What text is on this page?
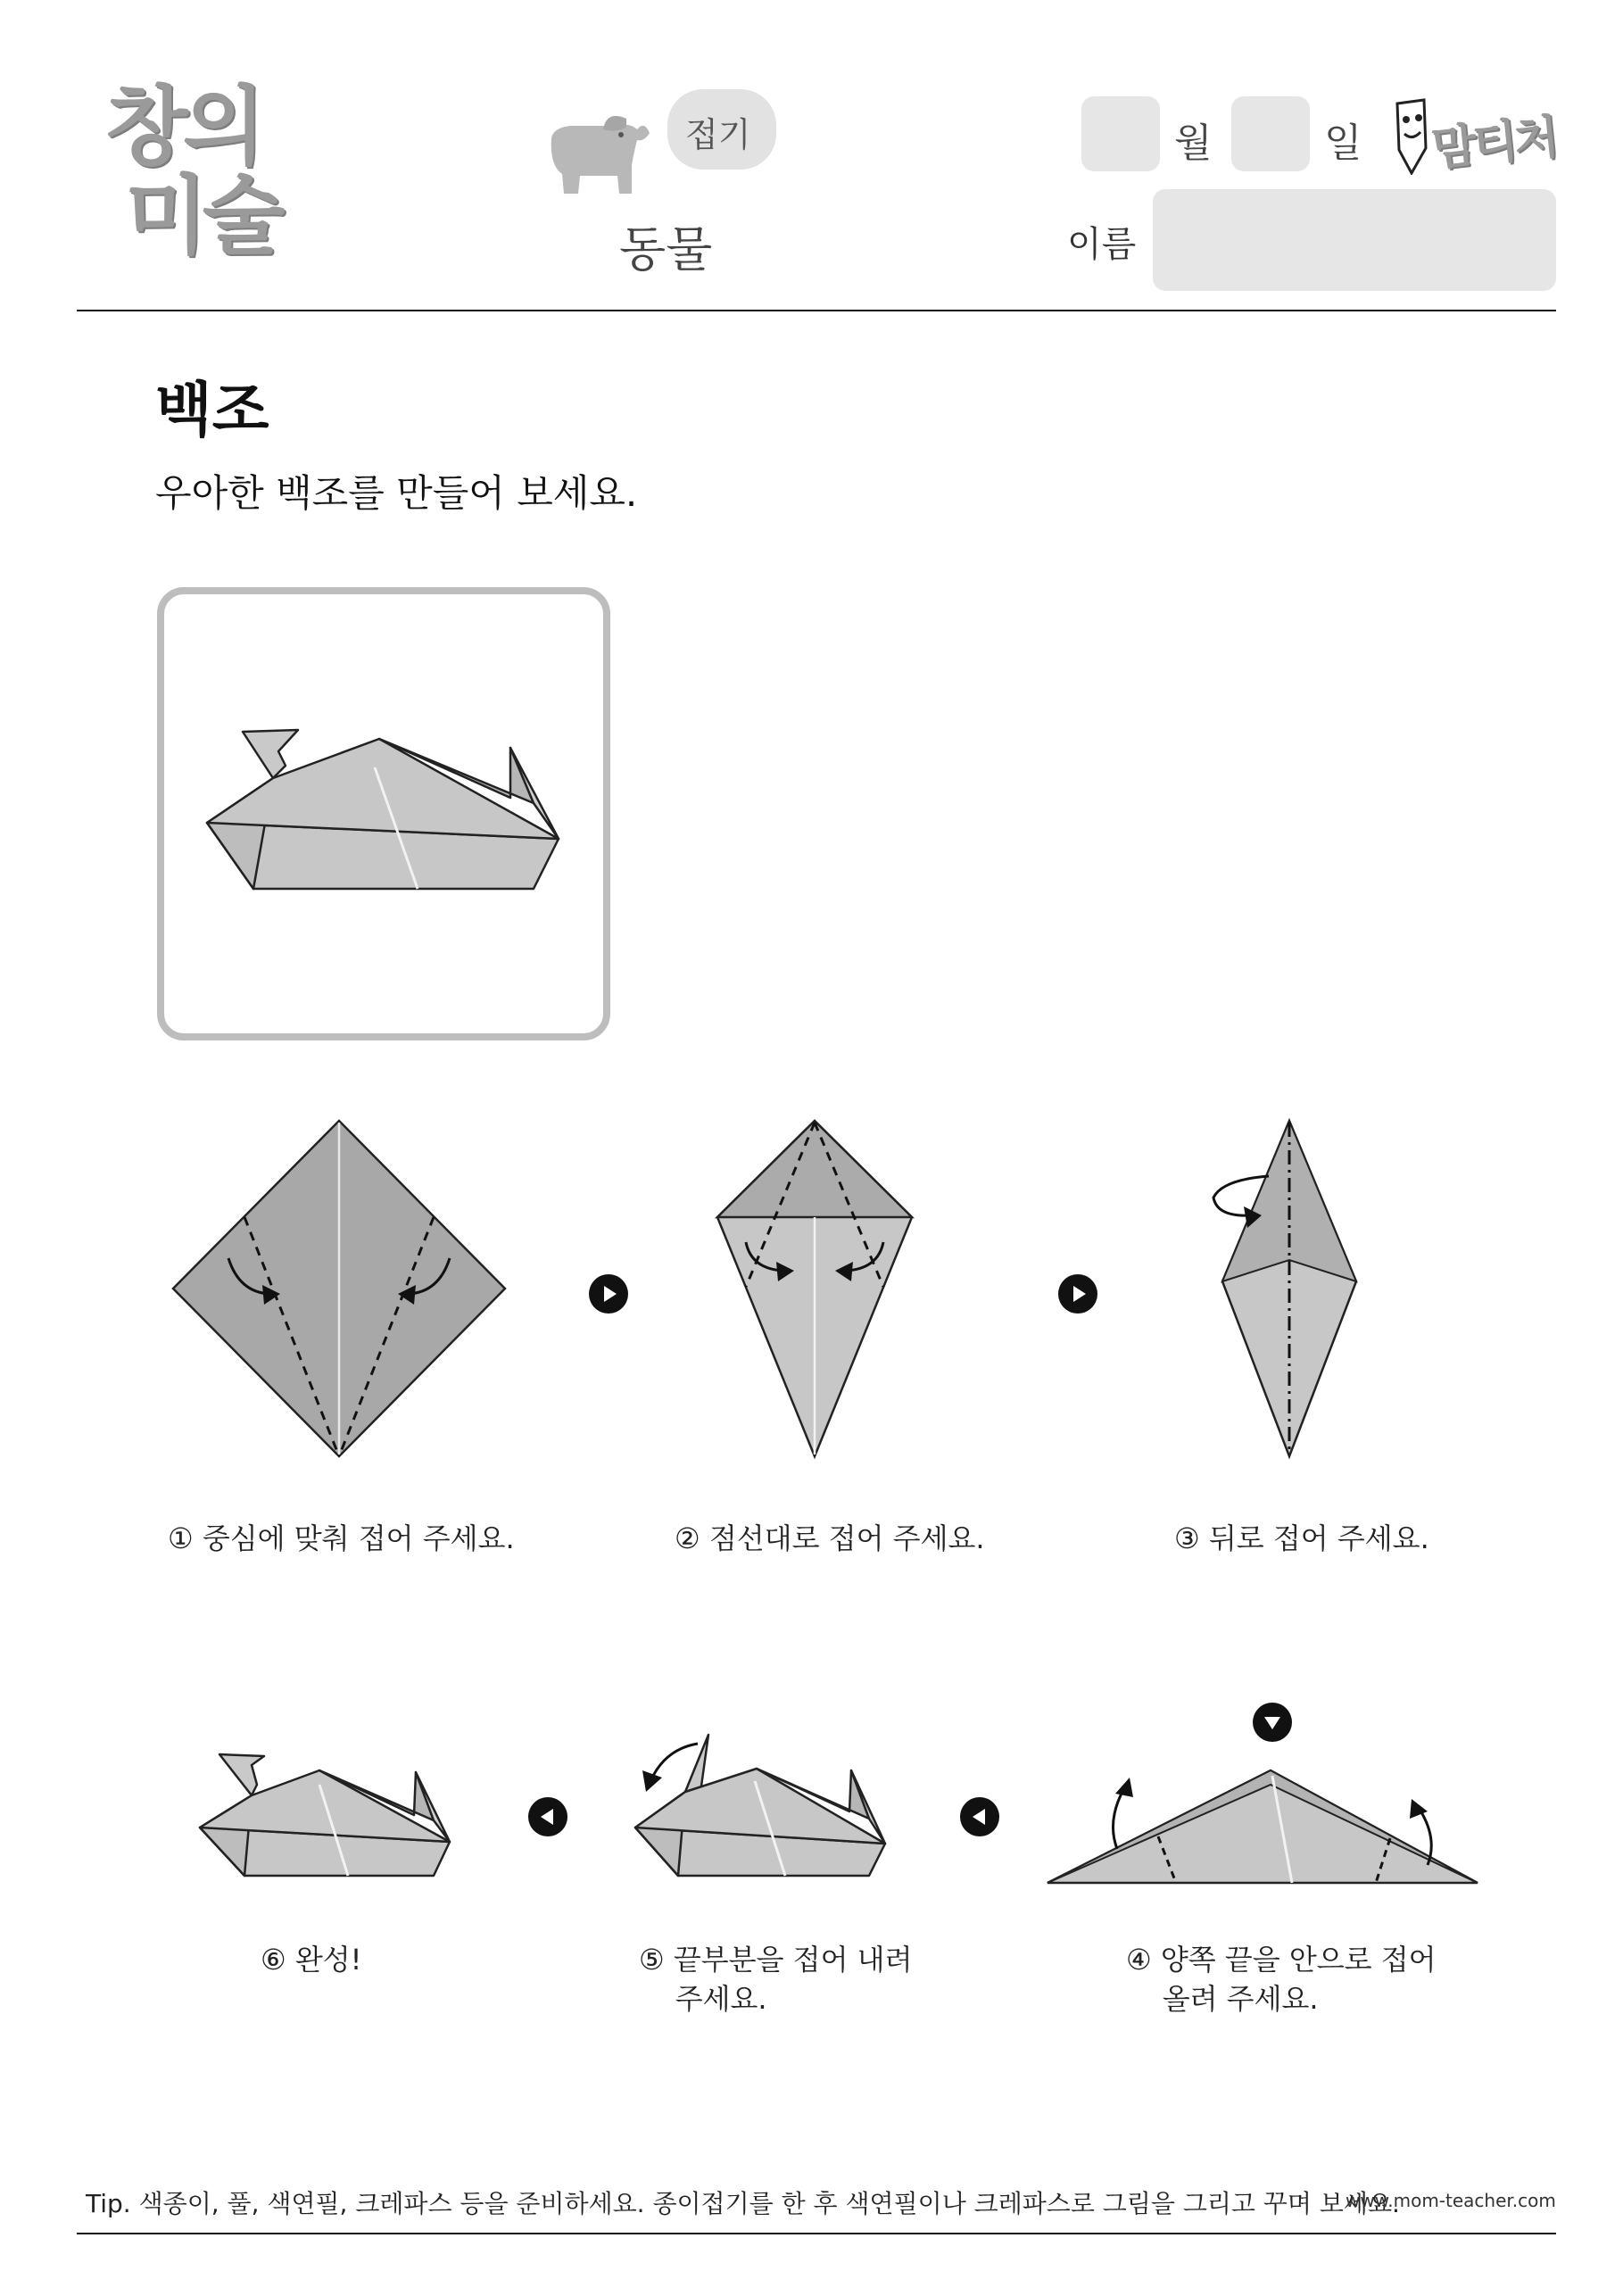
창의
미술
접기
동물
월	일 맘티처
이름
백조
우아한 백조를 만들어 보세요.
① 중심에 맞춰 접어 주세요.	② 점선대로 접어 주세요.	③ 뒤로 접어 주세요.
⑥ 완성!	⑤ 끝부분을 접어 내려
주세요.
④ 양쪽 끝을 안으로 접어
올려 주세요.
Tip. 색종이, 풀, 색연필, 크레파스 등을 준비하세요. 종이접기를 한 후 색연필이나 크레파스로 그림을 그리고 꾸며 보세요.
www.mom-teacher.com
